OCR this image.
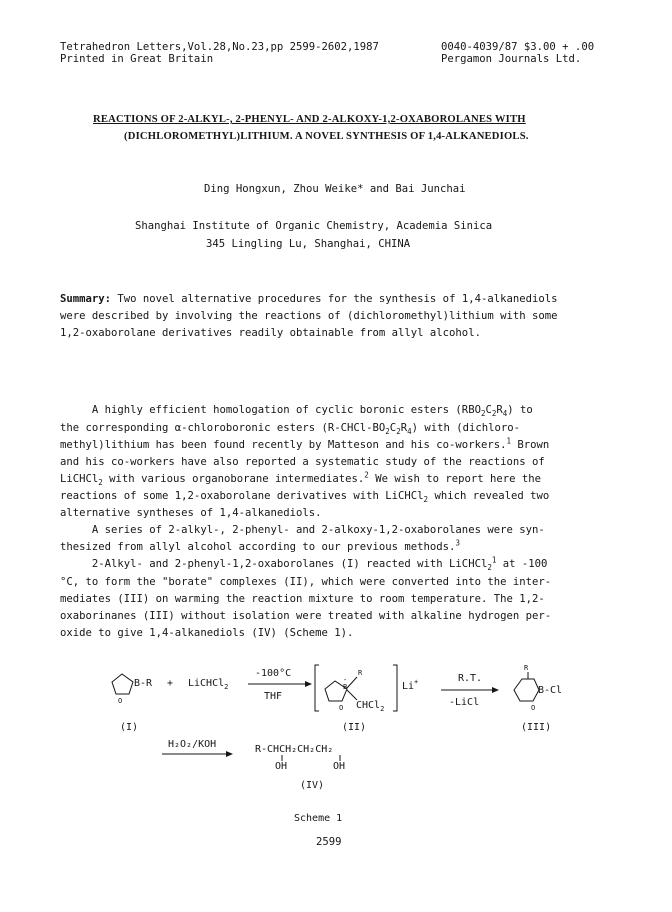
Tetrahedron Letters,Vol.28,No.23,pp 2599-2602,1987
Printed in Great Britain
0040-4039/87 $3.00 + .00
Pergamon Journals Ltd.
REACTIONS OF 2-ALKYL-, 2-PHENYL- AND 2-ALKOXY-1,2-OXABOROLANES WITH
(DICHLOROMETHYL)LITHIUM. A NOVEL SYNTHESIS OF 1,4-ALKANEDIOLS.
Ding Hongxun, Zhou Weike* and Bai Junchai
Shanghai Institute of Organic Chemistry, Academia Sinica
345 Lingling Lu, Shanghai, CHINA
Summary: Two novel alternative procedures for the synthesis of 1,4-alkanediols
were described by involving the reactions of (dichloromethyl)lithium with some
1,2-oxaborolane derivatives readily obtainable from allyl alcohol.
A highly efficient homologation of cyclic boronic esters $(RBO_2C_2R_4)$ to
the corresponding α-chloroboronic esters $(R-CHCl-BO_2C_2R_4)$ with (dichloro-
methyl)lithium has been found recently by Matteson and his co-workers.$^1$ Brown
and his co-workers have also reported a systematic study of the reactions of
LiCHCl$_2$ with various organoborane intermediates.$^2$ We wish to report here the
reactions of some 1,2-oxaborolane derivatives with LiCHCl$_2$ which revealed two
alternative syntheses of 1,4-alkanediols.
A series of 2-alkyl-, 2-phenyl- and 2-alkoxy-1,2-oxaborolanes were syn-
thesized from allyl alcohol according to our previous methods.$^3$
2-Alkyl- and 2-phenyl-1,2-oxaborolanes (I) reacted with LiCHCl$_2^1$ at -100
°C, to form the "borate" complexes (II), which were converted into the inter-
mediates (III) on warming the reaction mixture to room temperature. The 1,2-
oxaborinanes (III) without isolation were treated with alkaline hydrogen per-
oxide to give 1,4-alkanediols (IV) (Scheme 1).
B-R
O
(I)
+ LiCHCl$_2$
-100°C
THF
R
B
-
O CHCl$_2$
Li+
(II)
R.T.
-LiCl
R
B-Cl
O
(III)
H₂O₂/KOH	R-CHCH₂CH₂CH₂
OH	OH
(IV)
Scheme 1
2599
